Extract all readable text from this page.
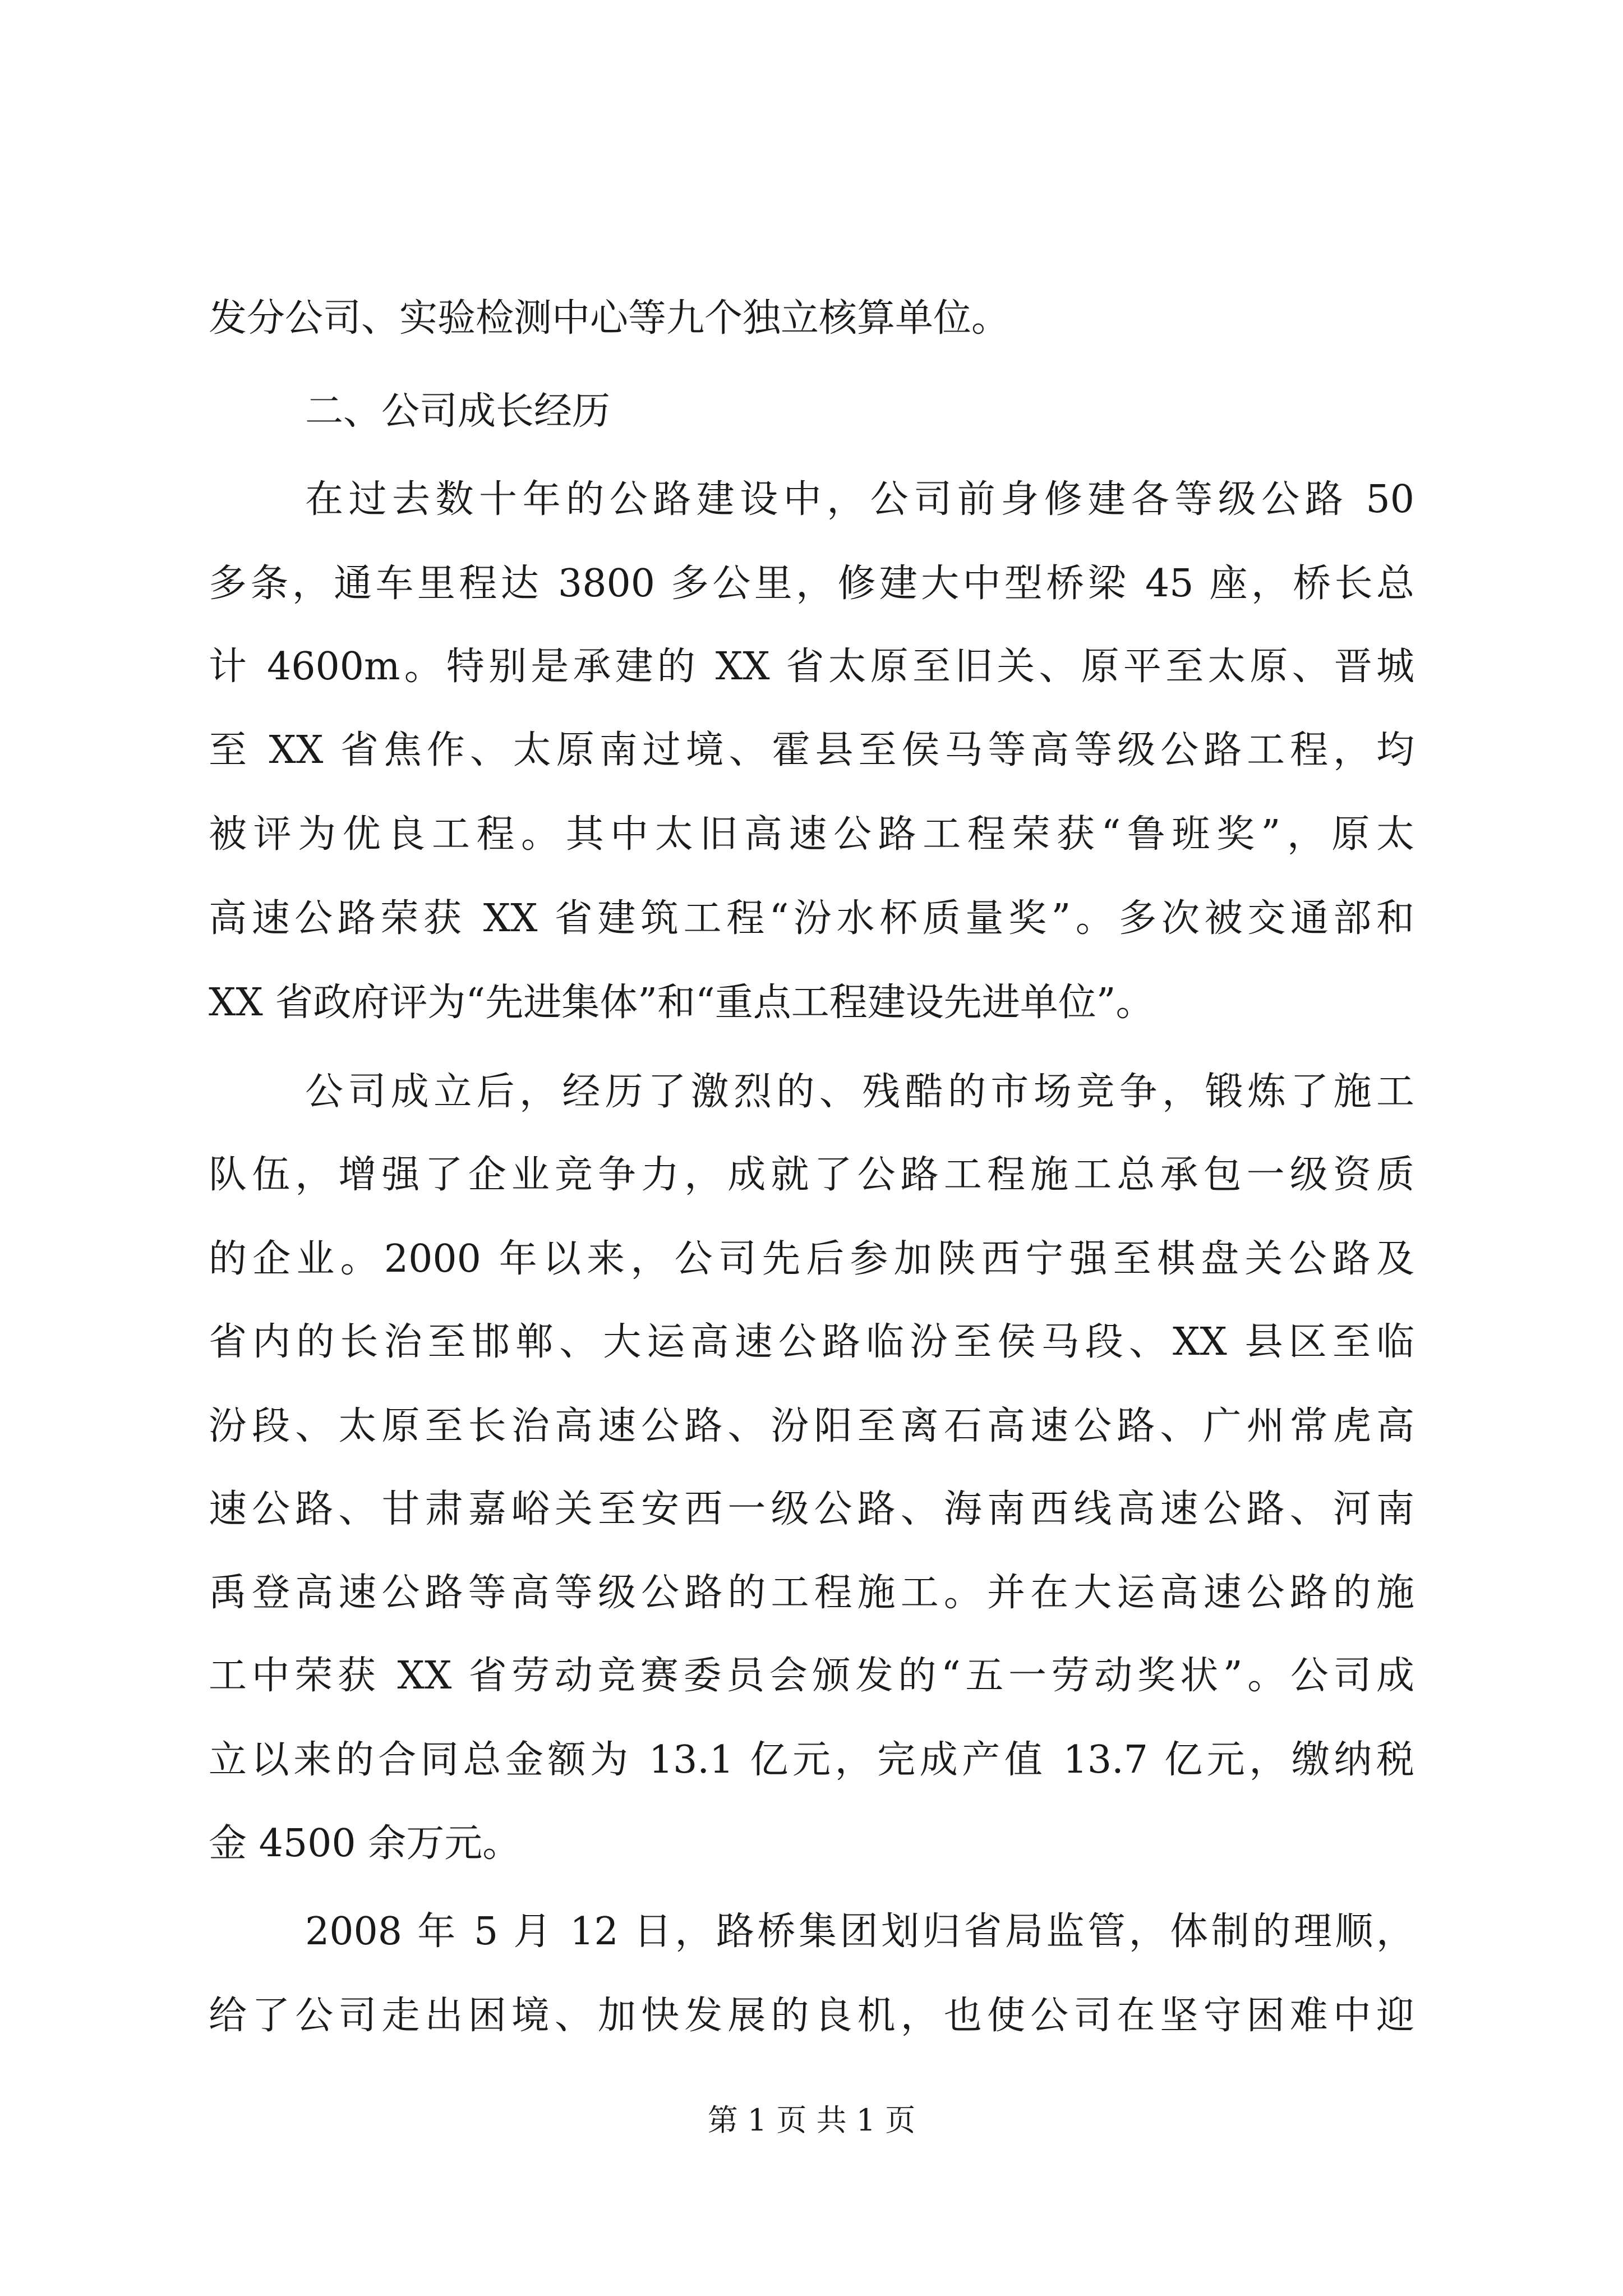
发分公司、实验检测中心等九个独立核算单位。
二、公司成长经历
在过去数十年的公路建设中，公司前身修建各等级公路 50
多条，通车里程达 3800 多公里，修建大中型桥梁 45 座，桥长总
计 4600m。特别是承建的 XX 省太原至旧关、原平至太原、晋城
至 XX 省焦作、太原南过境、霍县至侯马等高等级公路工程，均
被评为优良工程。其中太旧高速公路工程荣获“鲁班奖”，原太
高速公路荣获 XX 省建筑工程“汾水杯质量奖”。多次被交通部和
XX 省政府评为“先进集体”和“重点工程建设先进单位”。
公司成立后，经历了激烈的、残酷的市场竞争，锻炼了施工
队伍，增强了企业竞争力，成就了公路工程施工总承包一级资质
的企业。2000 年以来，公司先后参加陕西宁强至棋盘关公路及
省内的长治至邯郸、大运高速公路临汾至侯马段、XX 县区至临
汾段、太原至长治高速公路、汾阳至离石高速公路、广州常虎高
速公路、甘肃嘉峪关至安西一级公路、海南西线高速公路、河南
禹登高速公路等高等级公路的工程施工。并在大运高速公路的施
工中荣获 XX 省劳动竞赛委员会颁发的“五一劳动奖状”。公司成
立以来的合同总金额为 13.1 亿元，完成产值 13.7 亿元，缴纳税
金 4500 余万元。
2008 年 5 月 12 日，路桥集团划归省局监管，体制的理顺，
给了公司走出困境、加快发展的良机，也使公司在坚守困难中迎
第 1 页 共 1 页
